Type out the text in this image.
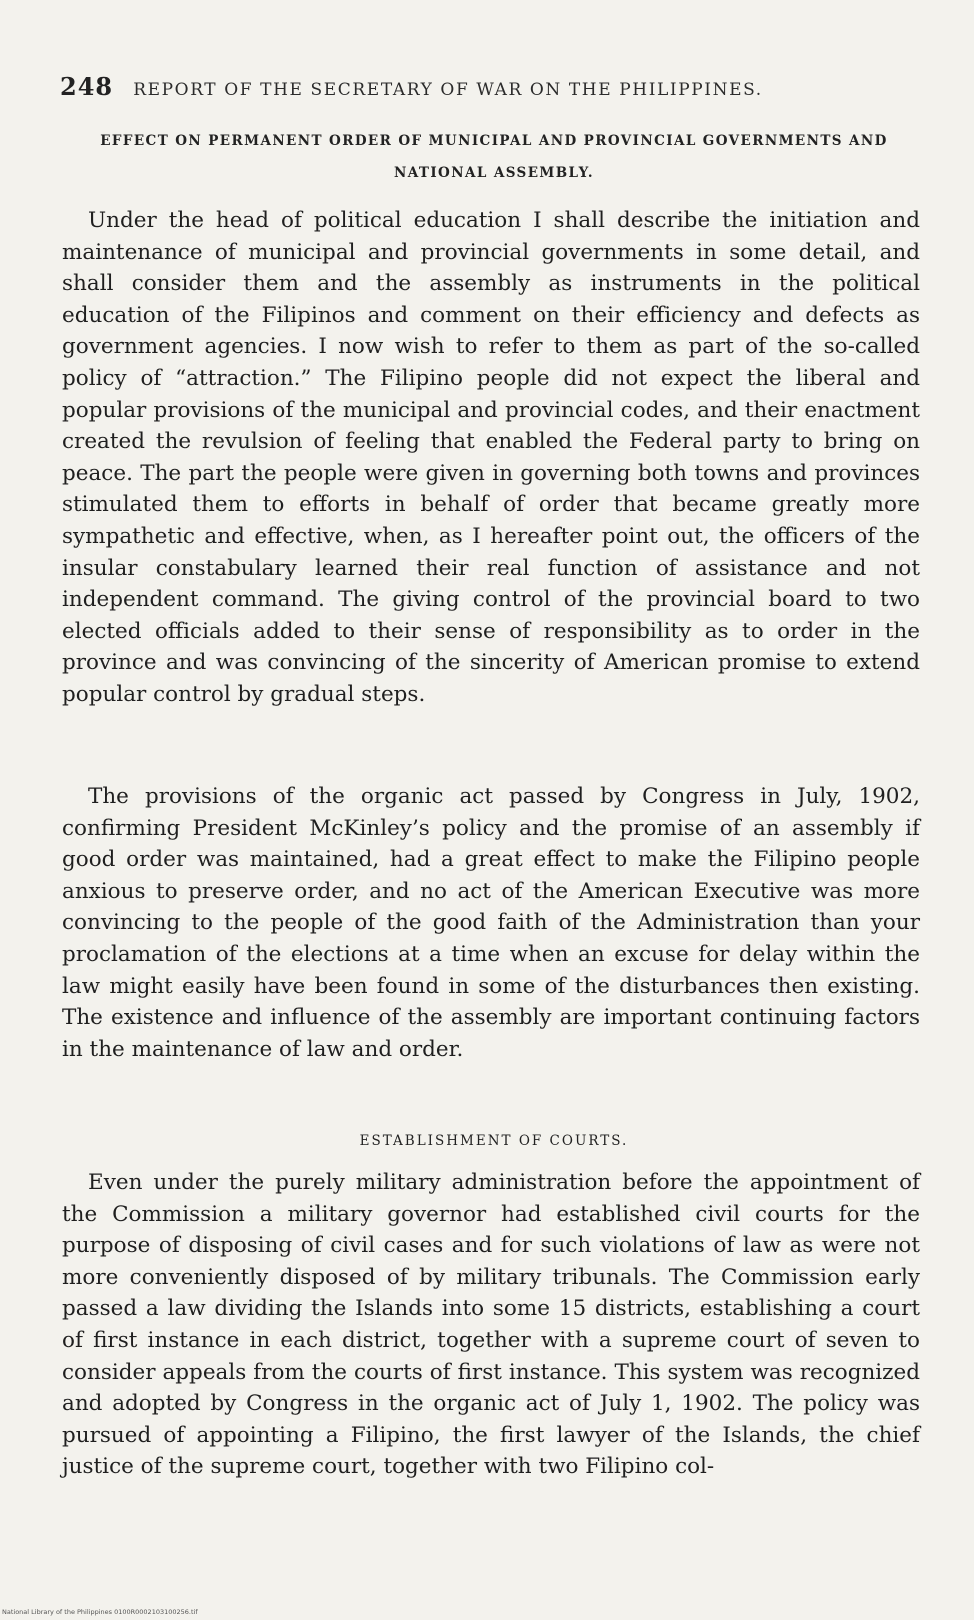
248 REPORT OF THE SECRETARY OF WAR ON THE PHILIPPINES.
EFFECT ON PERMANENT ORDER OF MUNICIPAL AND PROVINCIAL GOVERNMENTS AND NATIONAL ASSEMBLY.

Under the head of political education I shall describe the initiation and maintenance of municipal and provincial governments in some detail, and shall consider them and the assembly as instruments in the political education of the Filipinos and comment on their efficiency and defects as government agencies. I now wish to refer to them as part of the so-called policy of “attraction.” The Filipino people did not expect the liberal and popular provisions of the municipal and provincial codes, and their enactment created the revulsion of feeling that enabled the Federal party to bring on peace. The part the people were given in governing both towns and provinces stimulated them to efforts in behalf of order that became greatly more sympathetic and effective, when, as I hereafter point out, the officers of the insular constabulary learned their real function of assistance and not independent command. The giving control of the provincial board to two elected officials added to their sense of responsibility as to order in the province and was convincing of the sincerity of American promise to extend popular control by gradual steps.

The provisions of the organic act passed by Congress in July, 1902, confirming President McKinley’s policy and the promise of an assembly if good order was maintained, had a great effect to make the Filipino people anxious to preserve order, and no act of the American Executive was more convincing to the people of the good faith of the Administration than your proclamation of the elections at a time when an excuse for delay within the law might easily have been found in some of the disturbances then existing. The existence and influence of the assembly are important continuing factors in the maintenance of law and order.

ESTABLISHMENT OF COURTS.

Even under the purely military administration before the appointment of the Commission a military governor had established civil courts for the purpose of disposing of civil cases and for such violations of law as were not more conveniently disposed of by military tribunals. The Commission early passed a law dividing the Islands into some 15 districts, establishing a court of first instance in each district, together with a supreme court of seven to consider appeals from the courts of first instance. This system was recognized and adopted by Congress in the organic act of July 1, 1902. The policy was pursued of appointing a Filipino, the first lawyer of the Islands, the chief justice of the supreme court, together with two Filipino col-

National Library of the Philippines 0100R0002103100256.tif
